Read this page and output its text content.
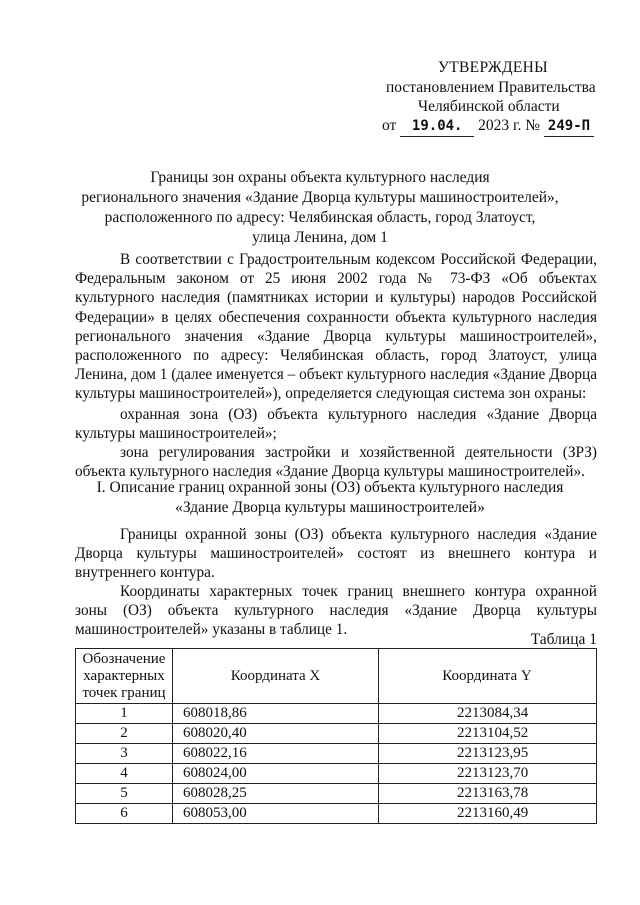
УТВЕРЖДЕНЫ
постановлением Правительства
Челябинской области
от 19.04. 2023 г. № 249-П
Границы зон охраны объекта культурного наследия
регионального значения «Здание Дворца культуры машиностроителей»,
расположенного по адресу: Челябинская область, город Златоуст,
улица Ленина, дом 1

В соответствии с Градостроительным кодексом Российской Федерации, Федеральным законом от 25 июня 2002 года № 73-ФЗ «Об объектах культурного наследия (памятниках истории и культуры) народов Российской Федерации» в целях обеспечения сохранности объекта культурного наследия регионального значения «Здание Дворца культуры машиностроителей», расположенного по адресу: Челябинская область, город Златоуст, улица Ленина, дом 1 (далее именуется – объект культурного наследия «Здание Дворца культуры машиностроителей»), определяется следующая система зон охраны:

охранная зона (ОЗ) объекта культурного наследия «Здание Дворца культуры машиностроителей»;

зона регулирования застройки и хозяйственной деятельности (ЗРЗ) объекта культурного наследия «Здание Дворца культуры машиностроителей».

I. Описание границ охранной зоны (ОЗ) объекта культурного наследия
«Здание Дворца культуры машиностроителей»

Границы охранной зоны (ОЗ) объекта культурного наследия «Здание Дворца культуры машиностроителей» состоят из внешнего контура и внутреннего контура.

Координаты характерных точек границ внешнего контура охранной зоны (ОЗ) объекта культурного наследия «Здание Дворца культуры машиностроителей» указаны в таблице 1.

Таблица 1
Обозначение характерных точек границ	Координата X	Координата Y
1	608018,86	2213084,34
2	608020,40	2213104,52
3	608022,16	2213123,95
4	608024,00	2213123,70
5	608028,25	2213163,78
6	608053,00	2213160,49
